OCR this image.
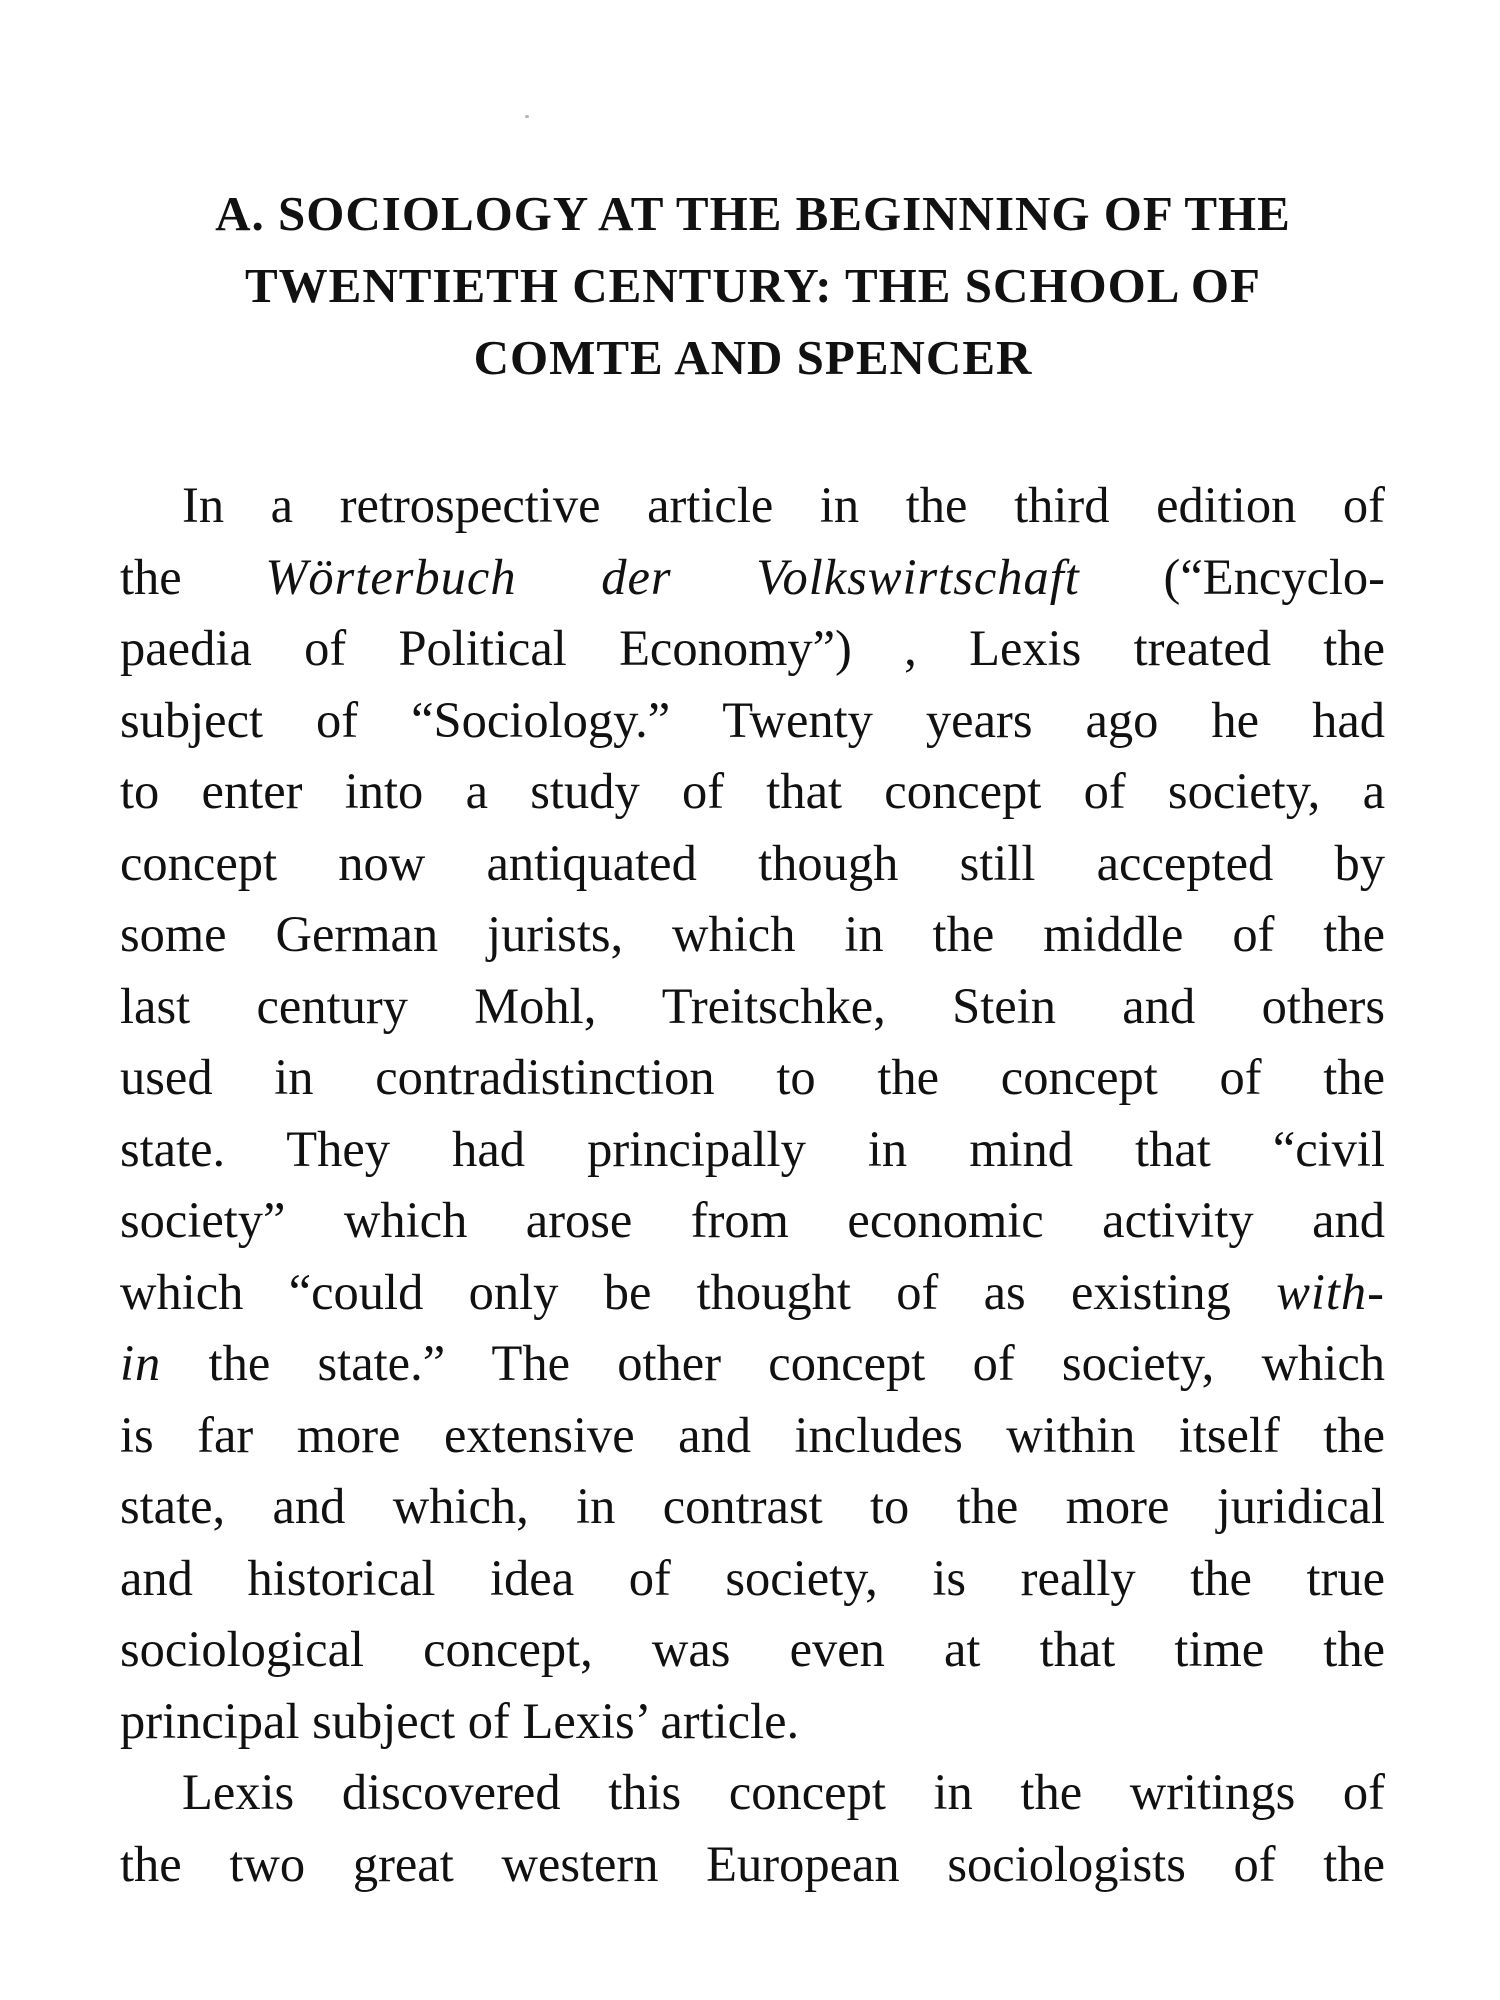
A. SOCIOLOGY AT THE BEGINNING OF THE
TWENTIETH CENTURY: THE SCHOOL OF
COMTE AND SPENCER
In a retrospective article in the third edition of
the Wörterbuch der Volkswirtschaft (“Encyclo-
paedia of Political Economy”) , Lexis treated the
subject of “Sociology.” Twenty years ago he had
to enter into a study of that concept of society, a
concept now antiquated though still accepted by
some German jurists, which in the middle of the
last century Mohl, Treitschke, Stein and others
used in contradistinction to the concept of the
state. They had principally in mind that “civil
society” which arose from economic activity and
which “could only be thought of as existing with-
in the state.” The other concept of society, which
is far more extensive and includes within itself the
state, and which, in contrast to the more juridical
and historical idea of society, is really the true
sociological concept, was even at that time the
principal subject of Lexis’ article.
Lexis discovered this concept in the writings of
the two great western European sociologists of the
